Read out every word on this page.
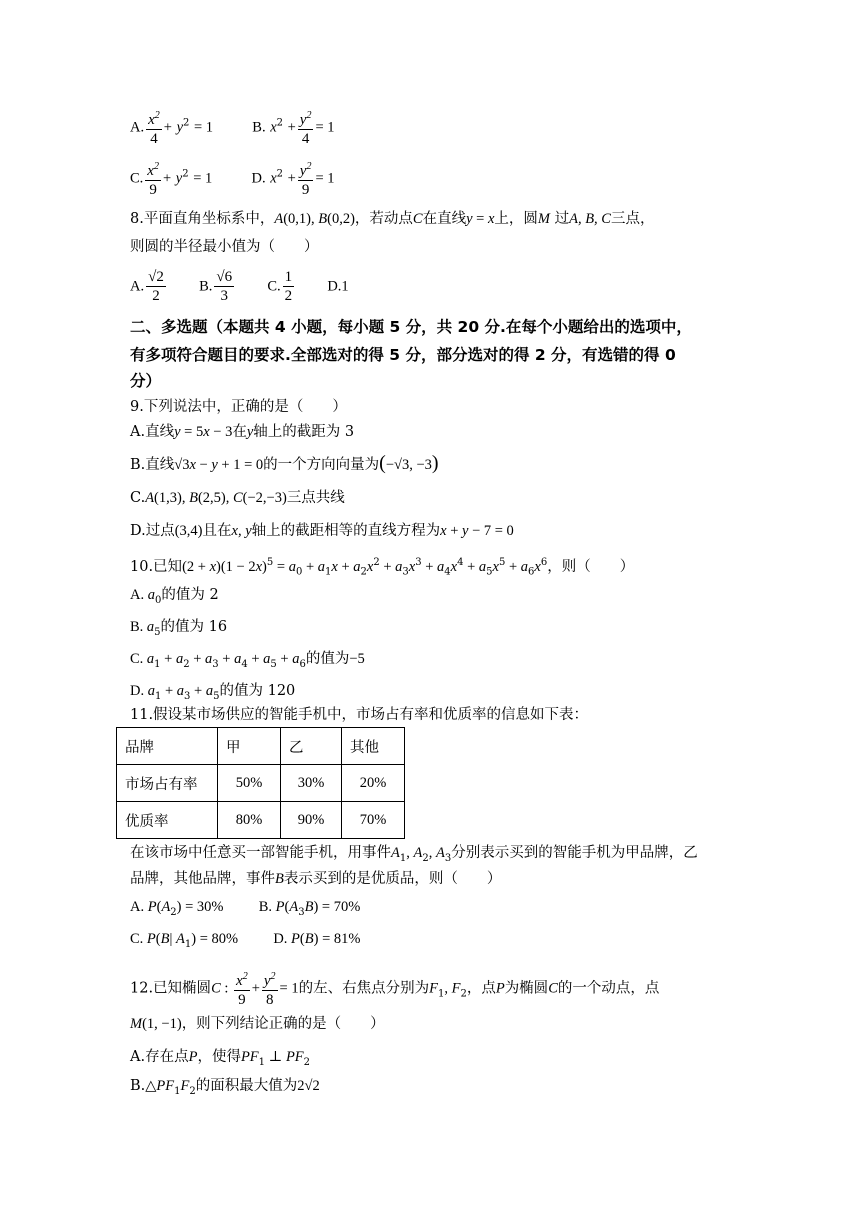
A. $\frac{x^2}{4} + y^2 = 1$	B. $x^2 + \frac{y^2}{4} = 1$
C. $\frac{x^2}{9} + y^2 = 1$	D. $x^2 + \frac{y^2}{9} = 1$
8.平面直角坐标系中，A(0,1), B(0,2)，若动点C在直线y = x上，圆M 过A, B, C三点，
则圆的半径最小值为（　　）
A. $\frac{√2}{2} B$. $\frac{√6}{3} C$. $\frac{1}{2} D.1$
二、多选题（本题共 4 小题，每小题 5 分，共 20 分.在每个小题给出的选项中，
有多项符合题目的要求.全部选对的得 5 分，部分选对的得 2 分，有选错的得 0
分）
9.下列说法中，正确的是（　　）
A.直线y = 5x − 3在y轴上的截距为 3
B.直线√3x − y + 1 = 0的一个方向向量为(−√3, −3)
C.A(1,3), B(2,5), C(−2,−3)三点共线
D.过点(3,4)且在x, y轴上的截距相等的直线方程为x + y − 7 = 0
10.已知$(2 + x)(1 - 2x)^5 = a_0 + a_1x + a_2x^2 + a_3x^3 + a_4x^4 + a_5x^5 + a_6x^6$，则（　　）
A. $a_0$的值为 2
B. $a_5$的值为 16
C. $a_1 + a_2 + a_3 + a_4 + a_5 + a_6$的值为−5
D. $a_1 + a_3 + a_5$的值为 120
11.假设某市场供应的智能手机中，市场占有率和优质率的信息如下表：
品牌	甲	乙	其他
市场占有率	50%	30%	20%
优质率	80%	90%	70%
在该市场中任意买一部智能手机，用事件$A_1$, $A_2$, $A_3$分别表示买到的智能手机为甲品牌，乙
品牌，其他品牌，事件B表示买到的是优质品，则（　　）
A. $P(A_2) = 30\%$ B. $P(A_3B) = 70\%$
C. P(B| $A_1) = 80\%$ D. P(B) = 81%
12.已知椭圆C : $\frac{x^2}{9} + \frac{y^2}{8} = 1$的左、右焦点分别为$F_1$, $F_2$，点P为椭圆C的一个动点，点
M(1, −1)，则下列结论正确的是（　　）
A.存在点P，使得$PF_1$ ⊥ $PF_2$
$B.\triangle PF_1F_2$的面积最大值为2√2
